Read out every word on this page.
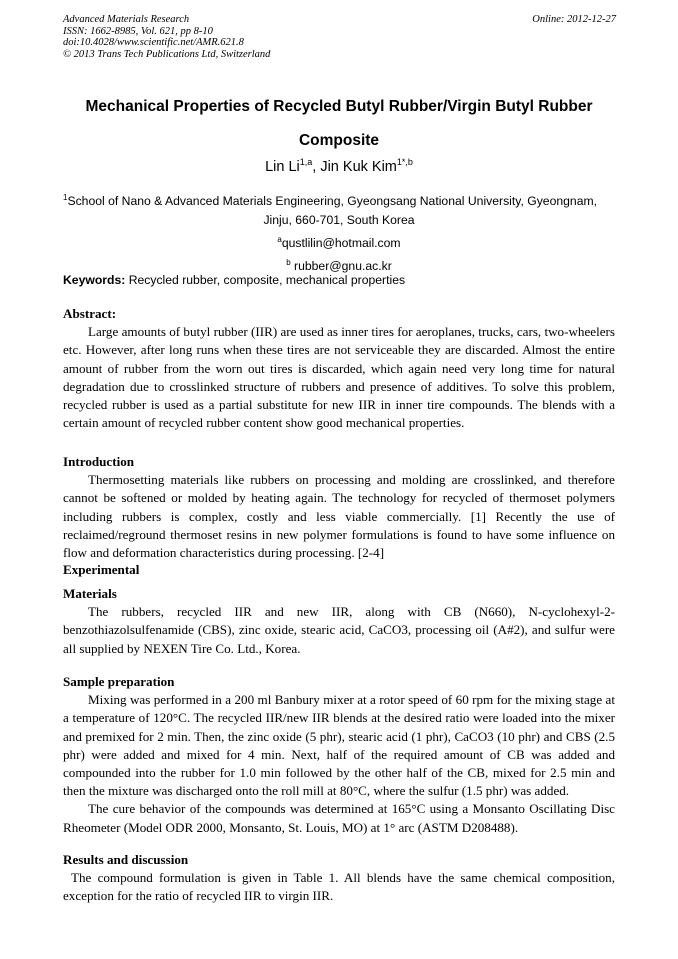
Advanced Materials Research
ISSN: 1662-8985, Vol. 621, pp 8-10
doi:10.4028/www.scientific.net/AMR.621.8
© 2013 Trans Tech Publications Ltd, Switzerland
Online: 2012-12-27
Mechanical Properties of Recycled Butyl Rubber/Virgin Butyl Rubber
Composite
Lin Li$^{1,a}$, Jin Kuk Kim$^{1*,b}$
$^1$School of Nano & Advanced Materials Engineering, Gyeongsang National University, Gyeongnam,
Jinju, 660-701, South Korea
$^a$qustlilin@hotmail.com
$^b$ rubber@gnu.ac.kr
Keywords: Recycled rubber, composite, mechanical properties
Abstract:

Large amounts of butyl rubber (IIR) are used as inner tires for aeroplanes, trucks, cars, two-wheelers etc. However, after long runs when these tires are not serviceable they are discarded. Almost the entire amount of rubber from the worn out tires is discarded, which again need very long time for natural degradation due to crosslinked structure of rubbers and presence of additives. To solve this problem, recycled rubber is used as a partial substitute for new IIR in inner tire compounds. The blends with a certain amount of recycled rubber content show good mechanical properties.

Introduction

Thermosetting materials like rubbers on processing and molding are crosslinked, and therefore cannot be softened or molded by heating again. The technology for recycled of thermoset polymers including rubbers is complex, costly and less viable commercially. [1] Recently the use of reclaimed/reground thermoset resins in new polymer formulations is found to have some influence on flow and deformation characteristics during processing. [2-4]

Experimental
Materials

The rubbers, recycled IIR and new IIR, along with CB (N660), N-cyclohexyl-2-benzothiazolsulfenamide (CBS), zinc oxide, stearic acid, CaCO3, processing oil (A#2), and sulfur were all supplied by NEXEN Tire Co. Ltd., Korea.

Sample preparation

Mixing was performed in a 200 ml Banbury mixer at a rotor speed of 60 rpm for the mixing stage at a temperature of 120°C. The recycled IIR/new IIR blends at the desired ratio were loaded into the mixer and premixed for 2 min. Then, the zinc oxide (5 phr), stearic acid (1 phr), CaCO3 (10 phr) and CBS (2.5 phr) were added and mixed for 4 min. Next, half of the required amount of CB was added and compounded into the rubber for 1.0 min followed by the other half of the CB, mixed for 2.5 min and then the mixture was discharged onto the roll mill at 80°C, where the sulfur (1.5 phr) was added.

The cure behavior of the compounds was determined at 165°C using a Monsanto Oscillating Disc Rheometer (Model ODR 2000, Monsanto, St. Louis, MO) at 1° arc (ASTM D208488).

Results and discussion

The compound formulation is given in Table 1. All blends have the same chemical composition, exception for the ratio of recycled IIR to virgin IIR.
